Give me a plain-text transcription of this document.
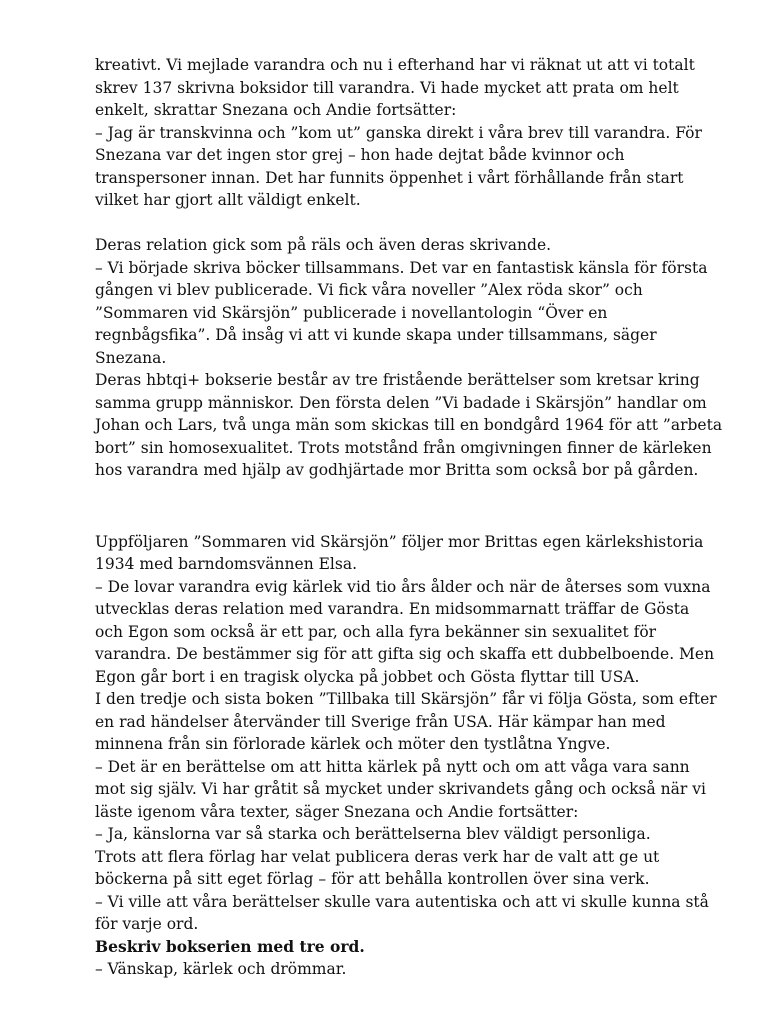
kreativt. Vi mejlade varandra och nu i efterhand har vi räknat ut att vi totalt
skrev 137 skrivna boksidor till varandra. Vi hade mycket att prata om helt
enkelt, skrattar Snezana och Andie fortsätter:
– Jag är transkvinna och ”kom ut” ganska direkt i våra brev till varandra. För
Snezana var det ingen stor grej – hon hade dejtat både kvinnor och
transpersoner innan. Det har funnits öppenhet i vårt förhållande från start
vilket har gjort allt väldigt enkelt.
Deras relation gick som på räls och även deras skrivande.
– Vi började skriva böcker tillsammans. Det var en fantastisk känsla för första
gången vi blev publicerade. Vi fick våra noveller ”Alex röda skor” och
”Sommaren vid Skärsjön” publicerade i novellantologin “Över en
regnbågsfika”. Då insåg vi att vi kunde skapa under tillsammans, säger
Snezana.
Deras hbtqi+ bokserie består av tre fristående berättelser som kretsar kring
samma grupp människor. Den första delen ”Vi badade i Skärsjön” handlar om
Johan och Lars, två unga män som skickas till en bondgård 1964 för att ”arbeta
bort” sin homosexualitet. Trots motstånd från omgivningen finner de kärleken
hos varandra med hjälp av godhjärtade mor Britta som också bor på gården.
Uppföljaren ”Sommaren vid Skärsjön” följer mor Brittas egen kärlekshistoria
1934 med barndomsvännen Elsa.
– De lovar varandra evig kärlek vid tio års ålder och när de återses som vuxna
utvecklas deras relation med varandra. En midsommarnatt träffar de Gösta
och Egon som också är ett par, och alla fyra bekänner sin sexualitet för
varandra. De bestämmer sig för att gifta sig och skaffa ett dubbelboende. Men
Egon går bort i en tragisk olycka på jobbet och Gösta flyttar till USA.
I den tredje och sista boken ”Tillbaka till Skärsjön” får vi följa Gösta, som efter
en rad händelser återvänder till Sverige från USA. Här kämpar han med
minnena från sin förlorade kärlek och möter den tystlåtna Yngve.
– Det är en berättelse om att hitta kärlek på nytt och om att våga vara sann
mot sig själv. Vi har gråtit så mycket under skrivandets gång och också när vi
läste igenom våra texter, säger Snezana och Andie fortsätter:
– Ja, känslorna var så starka och berättelserna blev väldigt personliga.
Trots att flera förlag har velat publicera deras verk har de valt att ge ut
böckerna på sitt eget förlag – för att behålla kontrollen över sina verk.
– Vi ville att våra berättelser skulle vara autentiska och att vi skulle kunna stå
för varje ord.
Beskriv bokserien med tre ord.
– Vänskap, kärlek och drömmar.
